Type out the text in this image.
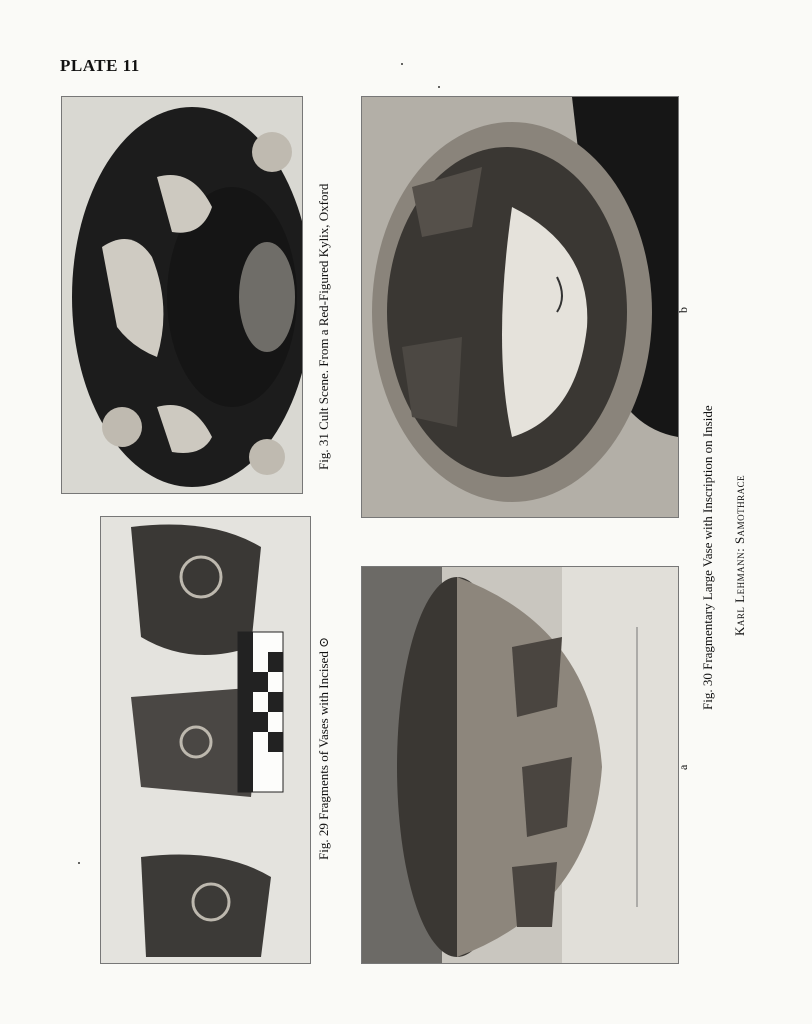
PLATE 11
Fig. 31 Cult Scene. From a Red-Figured Kylix, Oxford
Fig. 29 Fragments of Vases with Incised ⊙
b
a
Fig. 30 Fragmentary Large Vase with Inscription on Inside Karl Lehmann: Samothrace
